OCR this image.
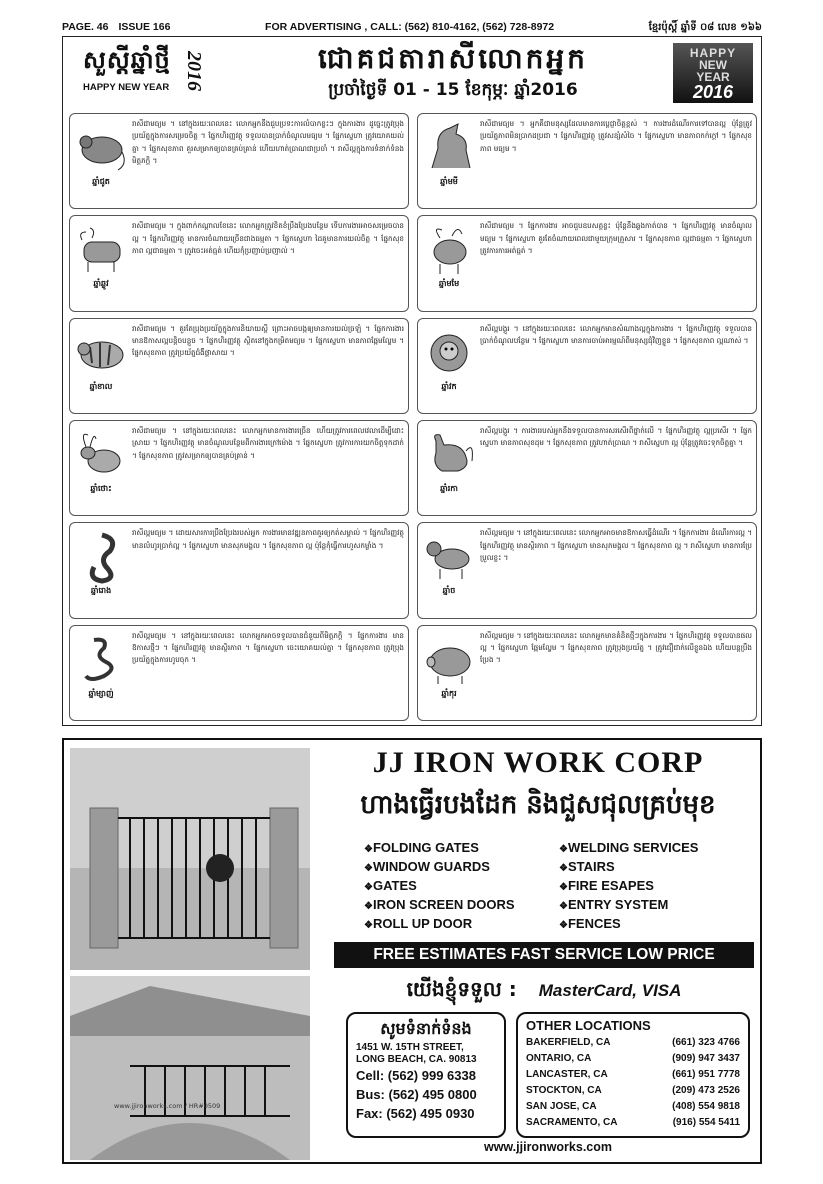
PAGE. 46 ISSUE 166	FOR ADVERTISING , CALL: (562) 810-4162, (562) 728-8972	ខ្មែរប៉ុស្តិ៍ ឆ្នាំទី ០៨ លេខ ១៦៦
សួស្តីឆ្នាំថ្មី
HAPPY NEW YEAR 2016	ជោគជតារាសីលោកអ្នក
ប្រចាំថ្ងៃទី 01 - 15 ខែកុម្ភៈ ឆ្នាំ2016
HAPPY
NEW
YEAR
2016
ឆ្នាំជូត
រាសីជាមធ្យម ។ នៅក្នុងរយៈពេលនេះ លោកអ្នកនឹងជួបប្រទះការលំបាកខ្លះៗ ក្នុងការងារ ដូច្នេះត្រូវប្រុងប្រយ័ត្នក្នុងការសម្រេចចិត្ត ។ ផ្នែកហិរញ្ញវត្ថុ ទទួលបានប្រាក់ចំណូលមធ្យម ។ ផ្នែកស្នេហា ត្រូវយោគយល់គ្នា ។ ផ្នែកសុខភាព គួរសម្រាកឲ្យបានគ្រប់គ្រាន់ ហើយហាត់ប្រាណជាប្រចាំ ។ រាសីល្អក្នុងការទំនាក់ទំនងមិត្តភក្តិ ។
ឆ្នាំមមី
រាសីជាមធ្យម ។ អ្នកគឺជាមនុស្សដែលមានការប្តេជ្ញាចិត្តខ្ពស់ ។ ការងារដំណើរការទៅបានល្អ ប៉ុន្តែត្រូវប្រយ័ត្នភាពមិនប្រាកដប្រជា ។ ផ្នែកហិរញ្ញវត្ថុ ត្រូវសន្សំសំចៃ ។ ផ្នែកស្នេហា មានភាពកក់ក្តៅ ។ ផ្នែកសុខភាព មធ្យម ។
ឆ្នាំឆ្លូវ
រាសីជាមធ្យម ។ ក្នុងពាក់កណ្តាលខែនេះ លោកអ្នកត្រូវខិតខំប្រឹងប្រែងបន្ថែម ទើបការងារអាចសម្រេចបានល្អ ។ ផ្នែកហិរញ្ញវត្ថុ មានការចំណាយច្រើនជាងធម្មតា ។ ផ្នែកស្នេហា ដៃគូមានការយល់ចិត្ត ។ ផ្នែកសុខភាព ល្អជាធម្មតា ។ ត្រូវចេះអត់ធ្មត់ ហើយកុំប្រញាប់ប្រញាល់ ។
ឆ្នាំមមែ
រាសីជាមធ្យម ។ ផ្នែកការងារ អាចជួបឧបសគ្គខ្លះ ប៉ុន្តែនឹងឆ្លងកាត់បាន ។ ផ្នែកហិរញ្ញវត្ថុ មានចំណូលមធ្យម ។ ផ្នែកស្នេហា គួរតែចំណាយពេលជាមួយក្រុមគ្រួសារ ។ ផ្នែកសុខភាព ល្អជាធម្មតា ។ ផ្នែកស្នេហា ត្រូវការការអត់ធ្មត់ ។
ឆ្នាំខាល
រាសីជាមធ្យម ។ គួរតែប្រុងប្រយ័ត្នក្នុងការនិយាយស្តី ព្រោះអាចបង្កឲ្យមានការយល់ច្រឡំ ។ ផ្នែកការងារ មានឱកាសល្អបន្តិចបន្តួច ។ ផ្នែកហិរញ្ញវត្ថុ ស្ថិតនៅក្នុងកម្រិតមធ្យម ។ ផ្នែកស្នេហា មានភាពផ្អែមល្ហែម ។ ផ្នែកសុខភាព ត្រូវប្រយ័ត្នជំងឺផ្តាសាយ ។
ឆ្នាំវក
រាសីល្អបង្គួរ ។ នៅក្នុងរយៈពេលនេះ លោកអ្នកមានសំណាងល្អក្នុងការងារ ។ ផ្នែកហិរញ្ញវត្ថុ ទទួលបានប្រាក់ចំណូលបន្ថែម ។ ផ្នែកស្នេហា មានការចាប់អារម្មណ៍ពីមនុស្សជុំវិញខ្លួន ។ ផ្នែកសុខភាព ល្អណាស់ ។
ឆ្នាំថោះ
រាសីជាមធ្យម ។ នៅក្នុងរយៈពេលនេះ លោកអ្នកមានការងារច្រើន ហើយត្រូវការពេលវេលាដើម្បីដោះស្រាយ ។ ផ្នែកហិរញ្ញវត្ថុ មានចំណូលបន្ថែមពីការងារក្រៅម៉ោង ។ ផ្នែកស្នេហា ត្រូវការការយកចិត្តទុកដាក់ ។ ផ្នែកសុខភាព ត្រូវសម្រាកឲ្យបានគ្រប់គ្រាន់ ។
ឆ្នាំរកា
រាសីល្អបង្គួរ ។ ការងាររបស់អ្នកនឹងទទួលបានការសរសើរពីថ្នាក់លើ ។ ផ្នែកហិរញ្ញវត្ថុ ល្អប្រសើរ ។ ផ្នែកស្នេហា មានភាពសុខដុម ។ ផ្នែកសុខភាព ត្រូវហាត់ប្រាណ ។ រាសីស្នេហា ល្អ ប៉ុន្តែត្រូវចេះទុកចិត្តគ្នា ។
ឆ្នាំរោង
រាសីល្អមធ្យម ។ ដោយសារការប្រឹងប្រែងរបស់អ្នក ការងារមានវឌ្ឍនភាពគួរឲ្យកត់សម្គាល់ ។ ផ្នែកហិរញ្ញវត្ថុ មានលំហូរប្រាក់ល្អ ។ ផ្នែកស្នេហា មានសុភមង្គល ។ ផ្នែកសុខភាព ល្អ ប៉ុន្តែកុំធ្វើការហួសកម្លាំង ។
ឆ្នាំច
រាសីល្អមធ្យម ។ នៅក្នុងរយៈពេលនេះ លោកអ្នកអាចមានឱកាសធ្វើដំណើរ ។ ផ្នែកការងារ ដំណើរការល្អ ។ ផ្នែកហិរញ្ញវត្ថុ មានស្ថិរភាព ។ ផ្នែកស្នេហា មានសុភមង្គល ។ ផ្នែកសុខភាព ល្អ ។ រាសីស្នេហា មានការប្រែប្រួលខ្លះ ។
ឆ្នាំម្សាញ់
រាសីល្អមធ្យម ។ នៅក្នុងរយៈពេលនេះ លោកអ្នកអាចទទួលបានជំនួយពីមិត្តភក្តិ ។ ផ្នែកការងារ មានឱកាសថ្មីៗ ។ ផ្នែកហិរញ្ញវត្ថុ មានស្ថិរភាព ។ ផ្នែកស្នេហា ចេះយោគយល់គ្នា ។ ផ្នែកសុខភាព ត្រូវប្រុងប្រយ័ត្នក្នុងការហូបចុក ។
ឆ្នាំកុរ
រាសីល្អមធ្យម ។ នៅក្នុងរយៈពេលនេះ លោកអ្នកមានគំនិតថ្មីៗក្នុងការងារ ។ ផ្នែកហិរញ្ញវត្ថុ ទទួលបានផលល្អ ។ ផ្នែកស្នេហា ផ្អែមល្ហែម ។ ផ្នែកសុខភាព ត្រូវប្រុងប្រយ័ត្ន ។ ត្រូវជឿជាក់លើខ្លួនឯង ហើយបន្តប្រឹងប្រែង ។
www.jjironworks.com / HR#0509
JJ IRON WORK CORP
ហាងធ្វើរបងដែក និងជួសជុលគ្រប់មុខ
❖ FOLDING GATES
❖ WINDOW GUARDS
❖ GATES
❖ IRON SCREEN DOORS
❖ ROLL UP DOOR
❖ WELDING SERVICES
❖ STAIRS
❖ FIRE ESAPES
❖ ENTRY SYSTEM
❖ FENCES
FREE ESTIMATES FAST SERVICE LOW PRICE
យើងខ្ញុំទទួល : MasterCard, VISA
សូមទំនាក់ទំនង
1451 W. 15TH STREET,
LONG BEACH, CA. 90813
Cell: (562) 999 6338
Bus: (562) 495 0800
Fax: (562) 495 0930
OTHER LOCATIONS
BAKERFIELD, CA	(661) 323 4766
ONTARIO, CA	(909) 947 3437
LANCASTER, CA	(661) 951 7778
STOCKTON, CA	(209) 473 2526
SAN JOSE, CA	(408) 554 9818
SACRAMENTO, CA	(916) 554 5411
www.jjironworks.com
